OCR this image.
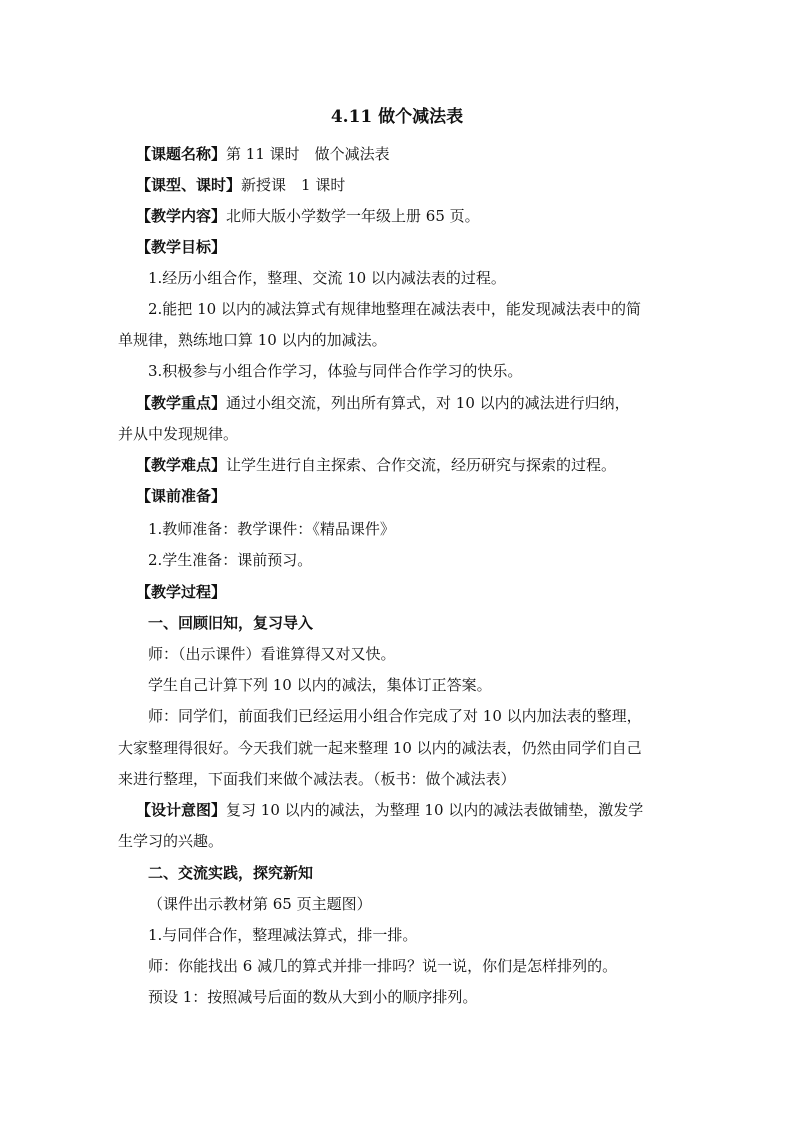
4.11 做个减法表
【课题名称】第 11 课时　做个减法表
【课型、课时】新授课　1 课时
【教学内容】北师大版小学数学一年级上册 65 页。
【教学目标】
1.经历小组合作，整理、交流 10 以内减法表的过程。
2.能把 10 以内的减法算式有规律地整理在减法表中，能发现减法表中的简
单规律，熟练地口算 10 以内的加减法。
3.积极参与小组合作学习，体验与同伴合作学习的快乐。
【教学重点】通过小组交流，列出所有算式，对 10 以内的减法进行归纳，
并从中发现规律。
【教学难点】让学生进行自主探索、合作交流，经历研究与探索的过程。
【课前准备】
1.教师准备：教学课件：《精品课件》
2.学生准备：课前预习。
【教学过程】
一、回顾旧知，复习导入
师：（出示课件）看谁算得又对又快。
学生自己计算下列 10 以内的减法，集体订正答案。
师：同学们，前面我们已经运用小组合作完成了对 10 以内加法表的整理，
大家整理得很好。今天我们就一起来整理 10 以内的减法表，仍然由同学们自己
来进行整理，下面我们来做个减法表。（板书：做个减法表）
【设计意图】复习 10 以内的减法，为整理 10 以内的减法表做铺垫，激发学
生学习的兴趣。
二、交流实践，探究新知
（课件出示教材第 65 页主题图）
1.与同伴合作，整理减法算式，排一排。
师：你能找出 6 减几的算式并排一排吗？说一说，你们是怎样排列的。
预设 1：按照减号后面的数从大到小的顺序排列。
